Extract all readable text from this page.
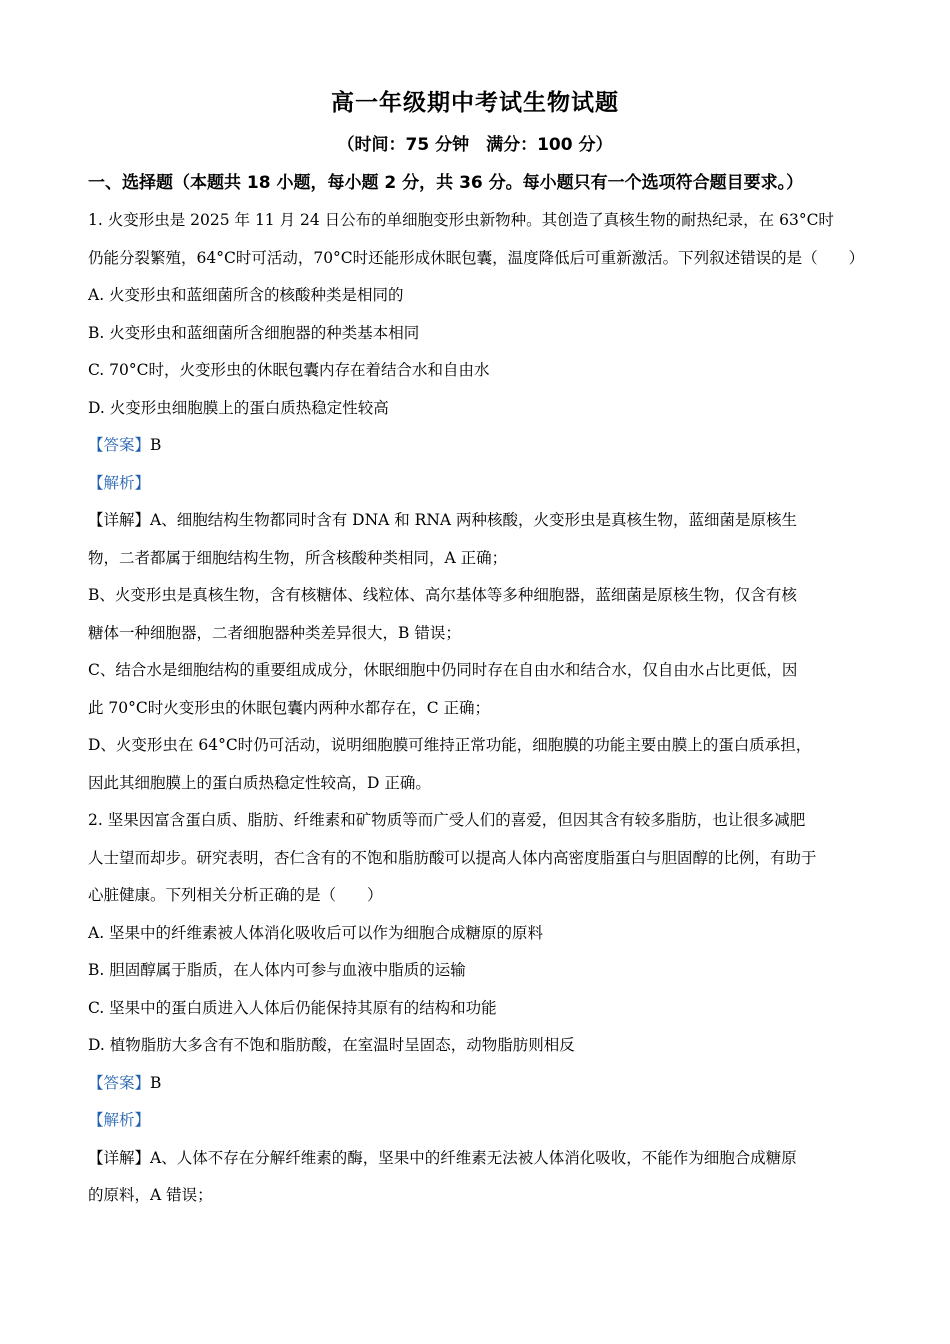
高一年级期中考试生物试题
（时间：75 分钟　满分：100 分）
一、选择题（本题共 18 小题，每小题 2 分，共 36 分。每小题只有一个选项符合题目要求。）
1. 火变形虫是 2025 年 11 月 24 日公布的单细胞变形虫新物种。其创造了真核生物的耐热纪录，在 63°C时
仍能分裂繁殖，64°C时可活动，70°C时还能形成休眠包囊，温度降低后可重新激活。下列叙述错误的是（　　）
A. 火变形虫和蓝细菌所含的核酸种类是相同的
B. 火变形虫和蓝细菌所含细胞器的种类基本相同
C. 70°C时，火变形虫的休眠包囊内存在着结合水和自由水
D. 火变形虫细胞膜上的蛋白质热稳定性较高
【答案】B
【解析】
【详解】A、细胞结构生物都同时含有 DNA 和 RNA 两种核酸，火变形虫是真核生物，蓝细菌是原核生
物，二者都属于细胞结构生物，所含核酸种类相同，A 正确；
B、火变形虫是真核生物，含有核糖体、线粒体、高尔基体等多种细胞器，蓝细菌是原核生物，仅含有核
糖体一种细胞器，二者细胞器种类差异很大，B 错误；
C、结合水是细胞结构的重要组成成分，休眠细胞中仍同时存在自由水和结合水，仅自由水占比更低，因
此 70°C时火变形虫的休眠包囊内两种水都存在，C 正确；
D、火变形虫在 64°C时仍可活动，说明细胞膜可维持正常功能，细胞膜的功能主要由膜上的蛋白质承担，
因此其细胞膜上的蛋白质热稳定性较高，D 正确。
2. 坚果因富含蛋白质、脂肪、纤维素和矿物质等而广受人们的喜爱，但因其含有较多脂肪，也让很多减肥
人士望而却步。研究表明，杏仁含有的不饱和脂肪酸可以提高人体内高密度脂蛋白与胆固醇的比例，有助于
心脏健康。下列相关分析正确的是（　　）
A. 坚果中的纤维素被人体消化吸收后可以作为细胞合成糖原的原料
B. 胆固醇属于脂质，在人体内可参与血液中脂质的运输
C. 坚果中的蛋白质进入人体后仍能保持其原有的结构和功能
D. 植物脂肪大多含有不饱和脂肪酸，在室温时呈固态，动物脂肪则相反
【答案】B
【解析】
【详解】A、人体不存在分解纤维素的酶，坚果中的纤维素无法被人体消化吸收，不能作为细胞合成糖原
的原料，A 错误；
